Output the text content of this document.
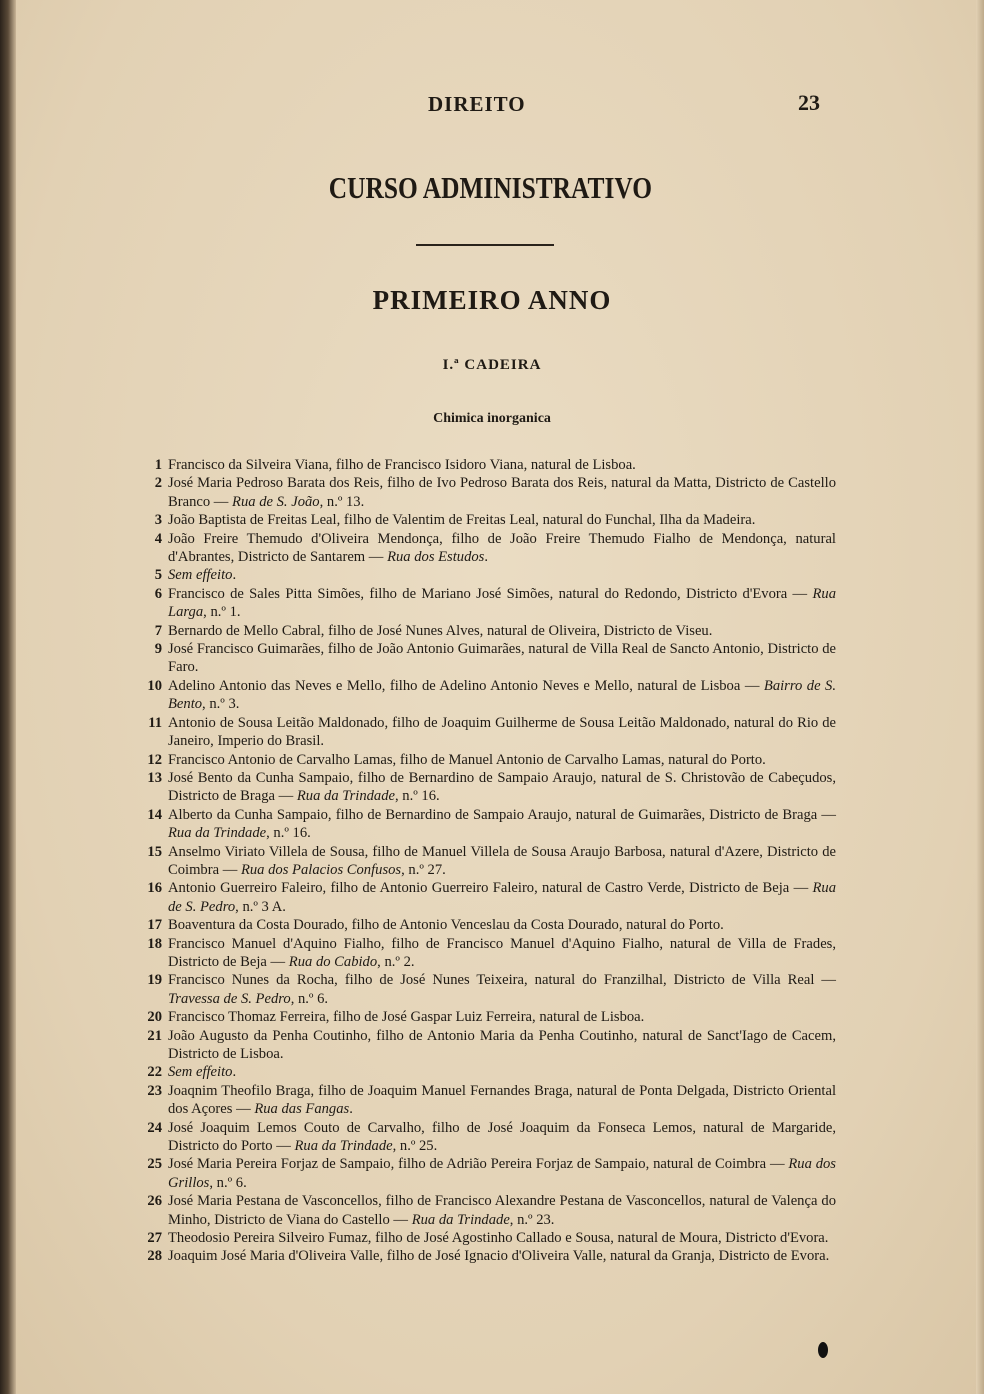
DIREITO	23
CURSO ADMINISTRATIVO
PRIMEIRO ANNO
I.ª CADEIRA
Chimica inorganica
1 Francisco da Silveira Viana, filho de Francisco Isidoro Viana, natural de Lisboa.
2 José Maria Pedroso Barata dos Reis, filho de Ivo Pedroso Barata dos Reis, natural da Matta, Districto de Castello Branco — Rua de S. João, n.º 13.
3 João Baptista de Freitas Leal, filho de Valentim de Freitas Leal, natural do Funchal, Ilha da Madeira.
4 João Freire Themudo d'Oliveira Mendonça, filho de João Freire Themudo Fialho de Mendonça, natural d'Abrantes, Districto de Santarem — Rua dos Estudos.
5 Sem effeito.
6 Francisco de Sales Pitta Simões, filho de Mariano José Simões, natural do Redondo, Districto d'Evora — Rua Larga, n.º 1.
7 Bernardo de Mello Cabral, filho de José Nunes Alves, natural de Oliveira, Districto de Viseu.
9 José Francisco Guimarães, filho de João Antonio Guimarães, natural de Villa Real de Sancto Antonio, Districto de Faro.
10 Adelino Antonio das Neves e Mello, filho de Adelino Antonio Neves e Mello, natural de Lisboa — Bairro de S. Bento, n.º 3.
11 Antonio de Sousa Leitão Maldonado, filho de Joaquim Guilherme de Sousa Leitão Maldonado, natural do Rio de Janeiro, Imperio do Brasil.
12 Francisco Antonio de Carvalho Lamas, filho de Manuel Antonio de Carvalho Lamas, natural do Porto.
13 José Bento da Cunha Sampaio, filho de Bernardino de Sampaio Araujo, natural de S. Christovão de Cabeçudos, Districto de Braga — Rua da Trindade, n.º 16.
14 Alberto da Cunha Sampaio, filho de Bernardino de Sampaio Araujo, natural de Guimarães, Districto de Braga — Rua da Trindade, n.º 16.
15 Anselmo Viriato Villela de Sousa, filho de Manuel Villela de Sousa Araujo Barbosa, natural d'Azere, Districto de Coimbra — Rua dos Palacios Confusos, n.º 27.
16 Antonio Guerreiro Faleiro, filho de Antonio Guerreiro Faleiro, natural de Castro Verde, Districto de Beja — Rua de S. Pedro, n.º 3 A.
17 Boaventura da Costa Dourado, filho de Antonio Venceslau da Costa Dourado, natural do Porto.
18 Francisco Manuel d'Aquino Fialho, filho de Francisco Manuel d'Aquino Fialho, natural de Villa de Frades, Districto de Beja — Rua do Cabido, n.º 2.
19 Francisco Nunes da Rocha, filho de José Nunes Teixeira, natural do Franzilhal, Districto de Villa Real — Travessa de S. Pedro, n.º 6.
20 Francisco Thomaz Ferreira, filho de José Gaspar Luiz Ferreira, natural de Lisboa.
21 João Augusto da Penha Coutinho, filho de Antonio Maria da Penha Coutinho, natural de Sanct'Iago de Cacem, Districto de Lisboa.
22 Sem effeito.
23 Joaqnim Theofilo Braga, filho de Joaquim Manuel Fernandes Braga, natural de Ponta Delgada, Districto Oriental dos Açores — Rua das Fangas.
24 José Joaquim Lemos Couto de Carvalho, filho de José Joaquim da Fonseca Lemos, natural de Margaride, Districto do Porto — Rua da Trindade, n.º 25.
25 José Maria Pereira Forjaz de Sampaio, filho de Adrião Pereira Forjaz de Sampaio, natural de Coimbra — Rua dos Grillos, n.º 6.
26 José Maria Pestana de Vasconcellos, filho de Francisco Alexandre Pestana de Vasconcellos, natural de Valença do Minho, Districto de Viana do Castello — Rua da Trindade, n.º 23.
27 Theodosio Pereira Silveiro Fumaz, filho de José Agostinho Callado e Sousa, natural de Moura, Districto d'Evora.
28 Joaquim José Maria d'Oliveira Valle, filho de José Ignacio d'Oliveira Valle, natural da Granja, Districto de Evora.
